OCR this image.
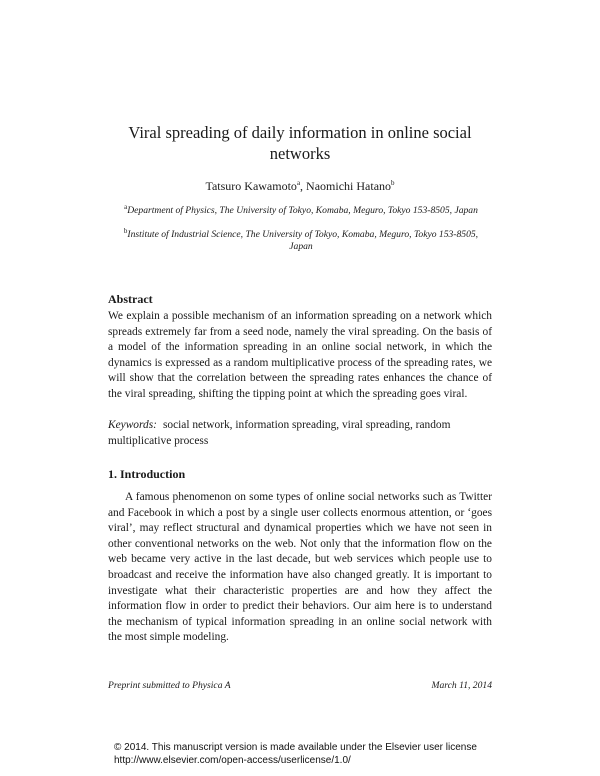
Viral spreading of daily information in online social networks
Tatsuro Kawamoto$^a$, Naomichi Hatano$^b$
$^a$Department of Physics, The University of Tokyo, Komaba, Meguro, Tokyo 153-8505, Japan
$^b$Institute of Industrial Science, The University of Tokyo, Komaba, Meguro, Tokyo 153-8505, Japan
Abstract
We explain a possible mechanism of an information spreading on a network which spreads extremely far from a seed node, namely the viral spreading. On the basis of a model of the information spreading in an online social network, in which the dynamics is expressed as a random multiplicative process of the spreading rates, we will show that the correlation between the spreading rates enhances the chance of the viral spreading, shifting the tipping point at which the spreading goes viral.
Keywords: social network, information spreading, viral spreading, random multiplicative process
1. Introduction
A famous phenomenon on some types of online social networks such as Twitter and Facebook in which a post by a single user collects enormous attention, or ‘goes viral’, may reflect structural and dynamical properties which we have not seen in other conventional networks on the web. Not only that the information flow on the web became very active in the last decade, but web services which people use to broadcast and receive the information have also changed greatly. It is important to investigate what their characteristic properties are and how they affect the information flow in order to predict their behaviors. Our aim here is to understand the mechanism of typical information spreading in an online social network with the most simple modeling.
Preprint submitted to Physica A	March 11, 2014
© 2014. This manuscript version is made available under the Elsevier user license
http://www.elsevier.com/open-access/userlicense/1.0/
